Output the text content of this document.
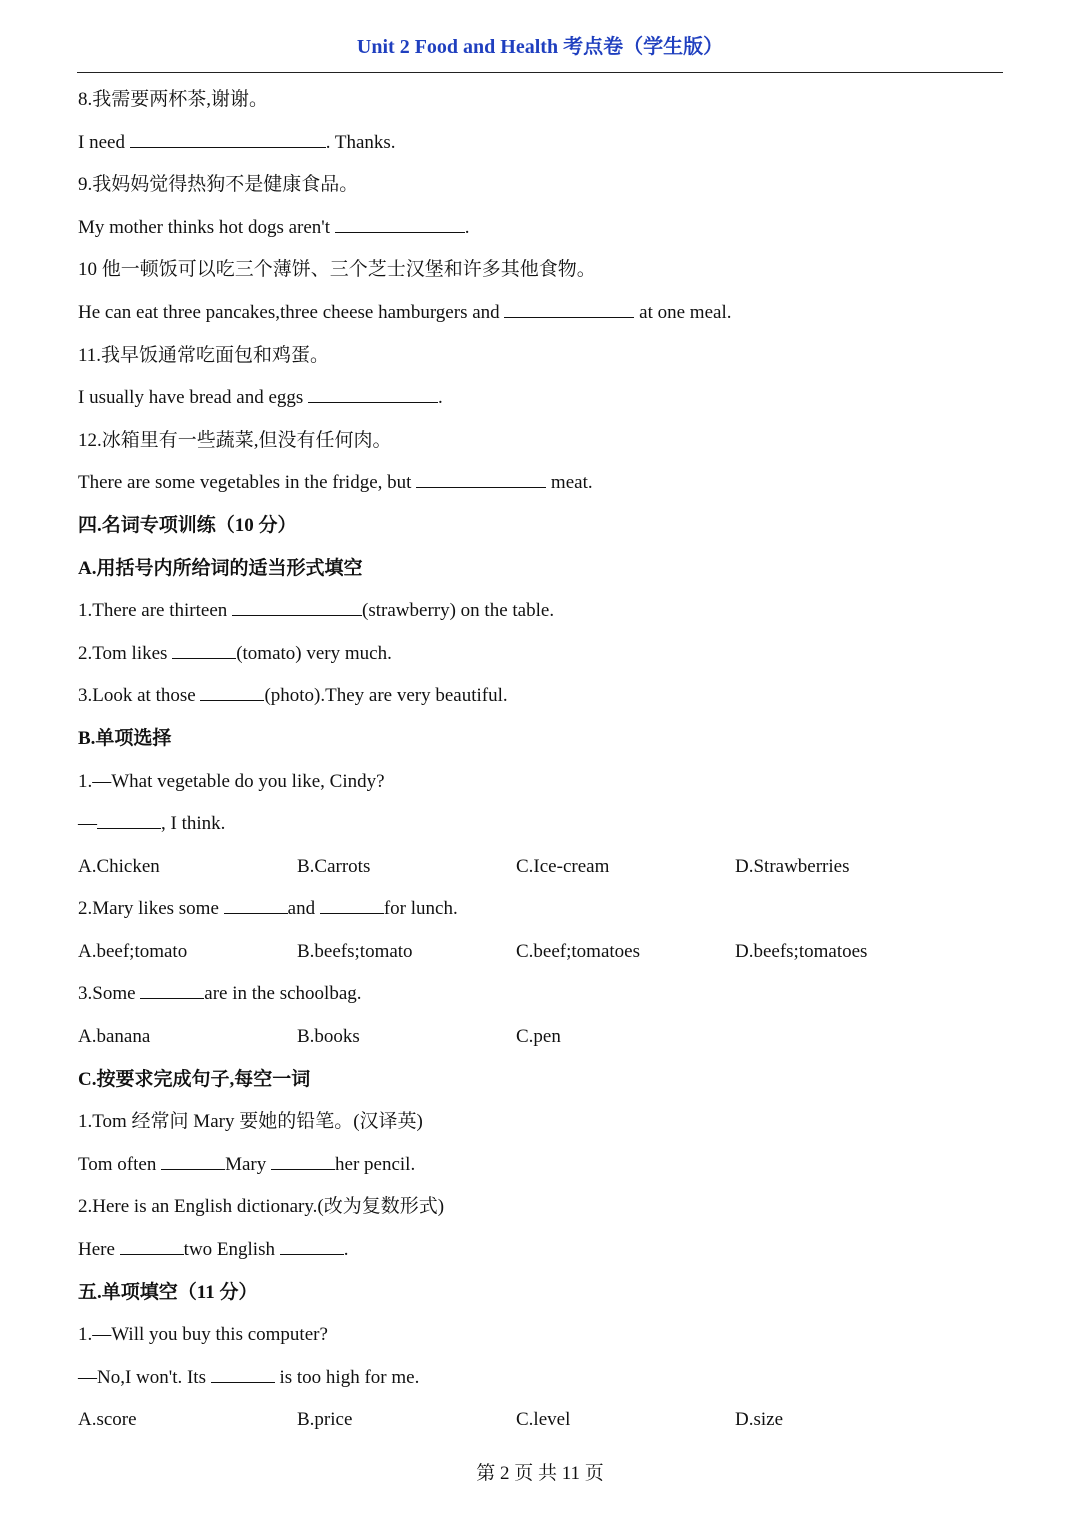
Unit 2 Food and Health 考点卷（学生版）
8.我需要两杯茶,谢谢。
I need	. Thanks.
9.我妈妈觉得热狗不是健康食品。
My mother thinks hot dogs aren't	.
10 他一顿饭可以吃三个薄饼、三个芝士汉堡和许多其他食物。
He can eat three pancakes,three cheese hamburgers and	at one meal.
11.我早饭通常吃面包和鸡蛋。
I usually have bread and eggs	.
12.冰箱里有一些蔬菜,但没有任何肉。
There are some vegetables in the fridge, but	meat.
四.名词专项训练（10 分）
A.用括号内所给词的适当形式填空
1.There are thirteen	(strawberry) on the table.
2.Tom likes	(tomato) very much.
3.Look at those	(photo).They are very beautiful.
B.单项选择
1.—What vegetable do you like, Cindy?
—	, I think.
A.Chicken	B.Carrots	C.Ice-cream	D.Strawberries
2.Mary likes some	and	for lunch.
A.beef;tomato	B.beefs;tomato	C.beef;tomatoes	D.beefs;tomatoes
3.Some	are in the schoolbag.
A.banana	B.books	C.pen
C.按要求完成句子,每空一词
1.Tom 经常问 Mary 要她的铅笔。(汉译英)
Tom often	Mary	her pencil.
2.Here is an English dictionary.(改为复数形式)
Here	two English	.
五.单项填空（11 分）
1.—Will you buy this computer?
—No,I won't. Its	is too high for me.
A.score	B.price	C.level	D.size
第 2 页 共 11 页
